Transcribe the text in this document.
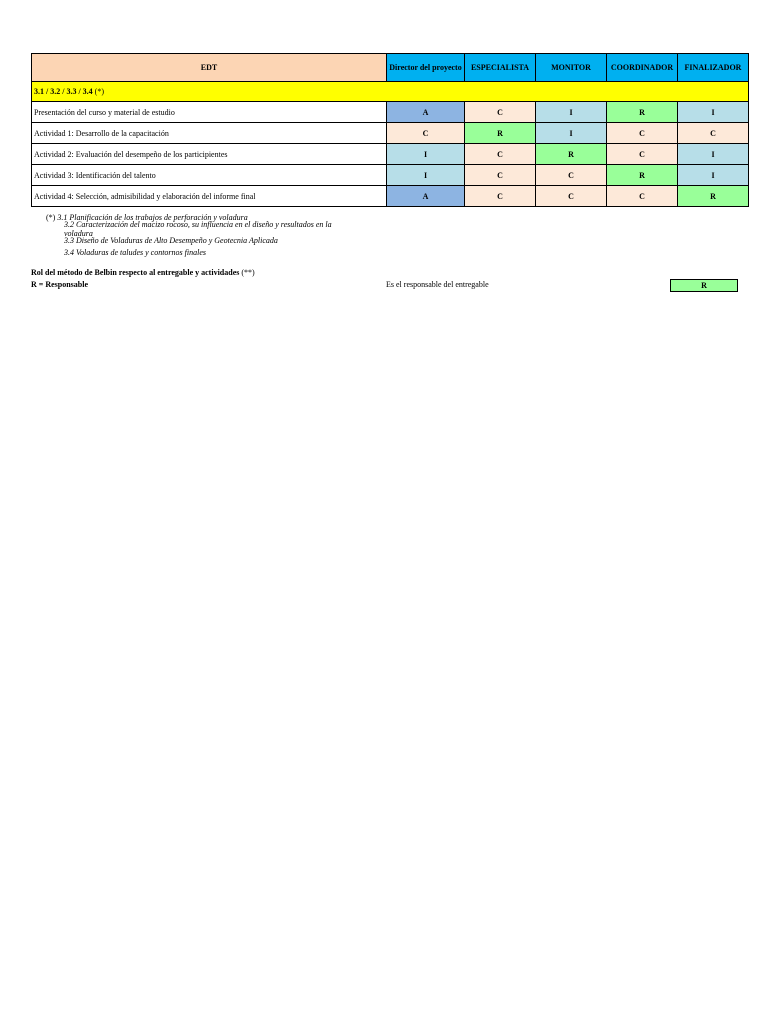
EDT	Director del proyecto	ESPECIALISTA	MONITOR	COORDINADOR	FINALIZADOR
3.1 / 3.2 / 3.3 / 3.4 (*)					
Presentación del curso y material de estudio	A	C	I	R	I
Actividad 1: Desarrollo de la capacitación	C	R	I	C	C
Actividad 2: Evaluación del desempeño de los participientes	I	C	R	C	I
Actividad 3: Identificación del talento	I	C	C	R	I
Actividad 4: Selección, admisibilidad y elaboración del informe final	A	C	C	C	R
(*) 3.1 Planificación de los trabajos de perforación y voladura
3.2 Caracterización del macizo rocoso, su influencia en el diseño y resultados en la
voladura
3.3 Diseño de Voladuras de Alto Desempeño y Geotecnia Aplicada
3.4 Voladuras de taludes y contornos finales
Rol del método de Belbin respecto al entregable y actividades (**)
R = Responsable	Es el responsable del entregable	R
